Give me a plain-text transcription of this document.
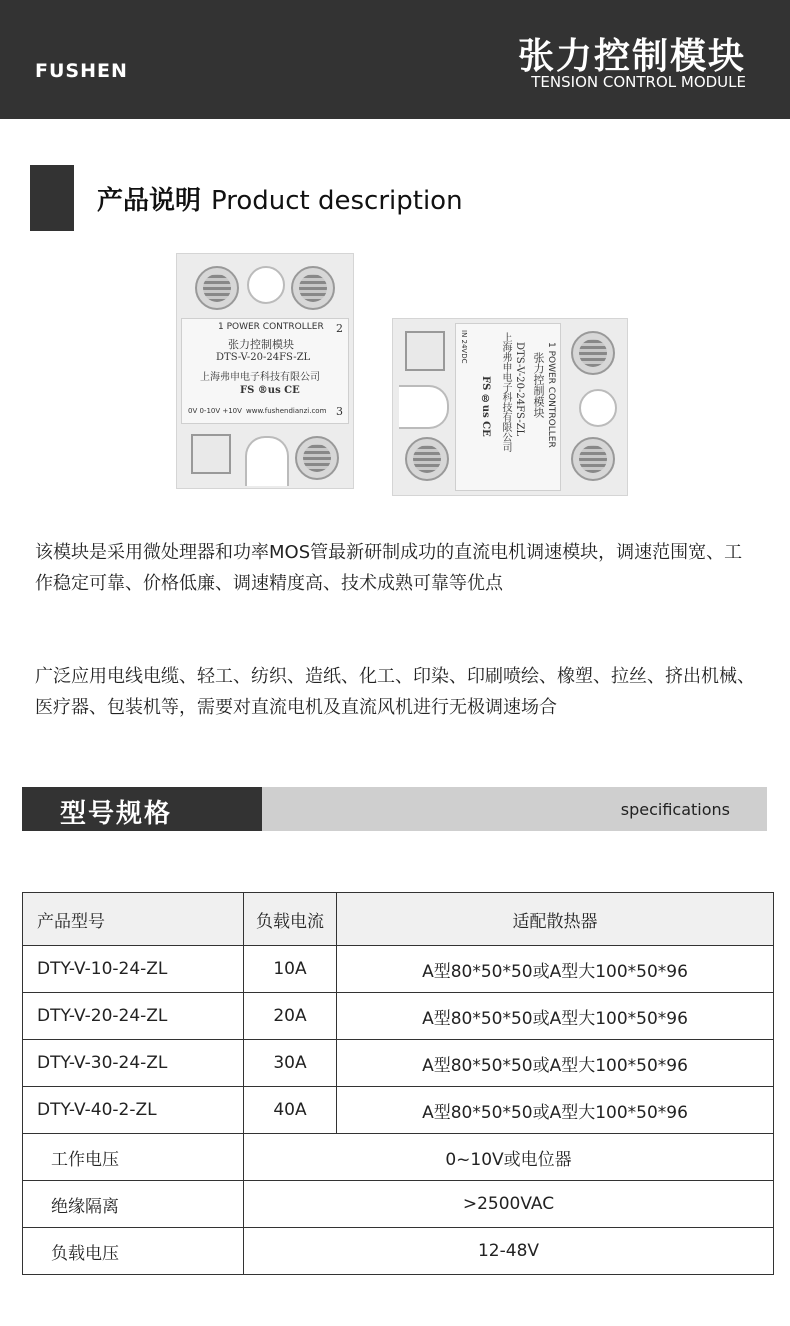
FUSHEN	张力控制模块
TENSION CONTROL MODULE
产品说明 Product description
1 POWER CONTROLLER
张力控制模块
DTS-V-20-24FS-ZL
上海弗申电子科技有限公司
FS ®us CE
0V 0-10V +10V www.fushendianzi.com
2
3	1 POWER CONTROLLER
张力控制模块
DTS-V-20-24FS-ZL
上海弗申电子科技有限公司
FS ®us CE
IN 24VDC
该模块是采用微处理器和功率MOS管最新研制成功的直流电机调速模块，调速范围宽、工作稳定可靠、价格低廉、调速精度高、技术成熟可靠等优点
广泛应用电线电缆、轻工、纺织、造纸、化工、印染、印刷喷绘、橡塑、拉丝、挤出机械、医疗器、包装机等，需要对直流电机及直流风机进行无极调速场合
型号规格	specifications
产品型号	负载电流	适配散热器
DTY-V-10-24-ZL	10A	A型80*50*50或A型大100*50*96
DTY-V-20-24-ZL	20A	A型80*50*50或A型大100*50*96
DTY-V-30-24-ZL	30A	A型80*50*50或A型大100*50*96
DTY-V-40-2-ZL	40A	A型80*50*50或A型大100*50*96
工作电压	0~10V或电位器	
绝缘隔离	>2500VAC	
负载电压	12-48V	
